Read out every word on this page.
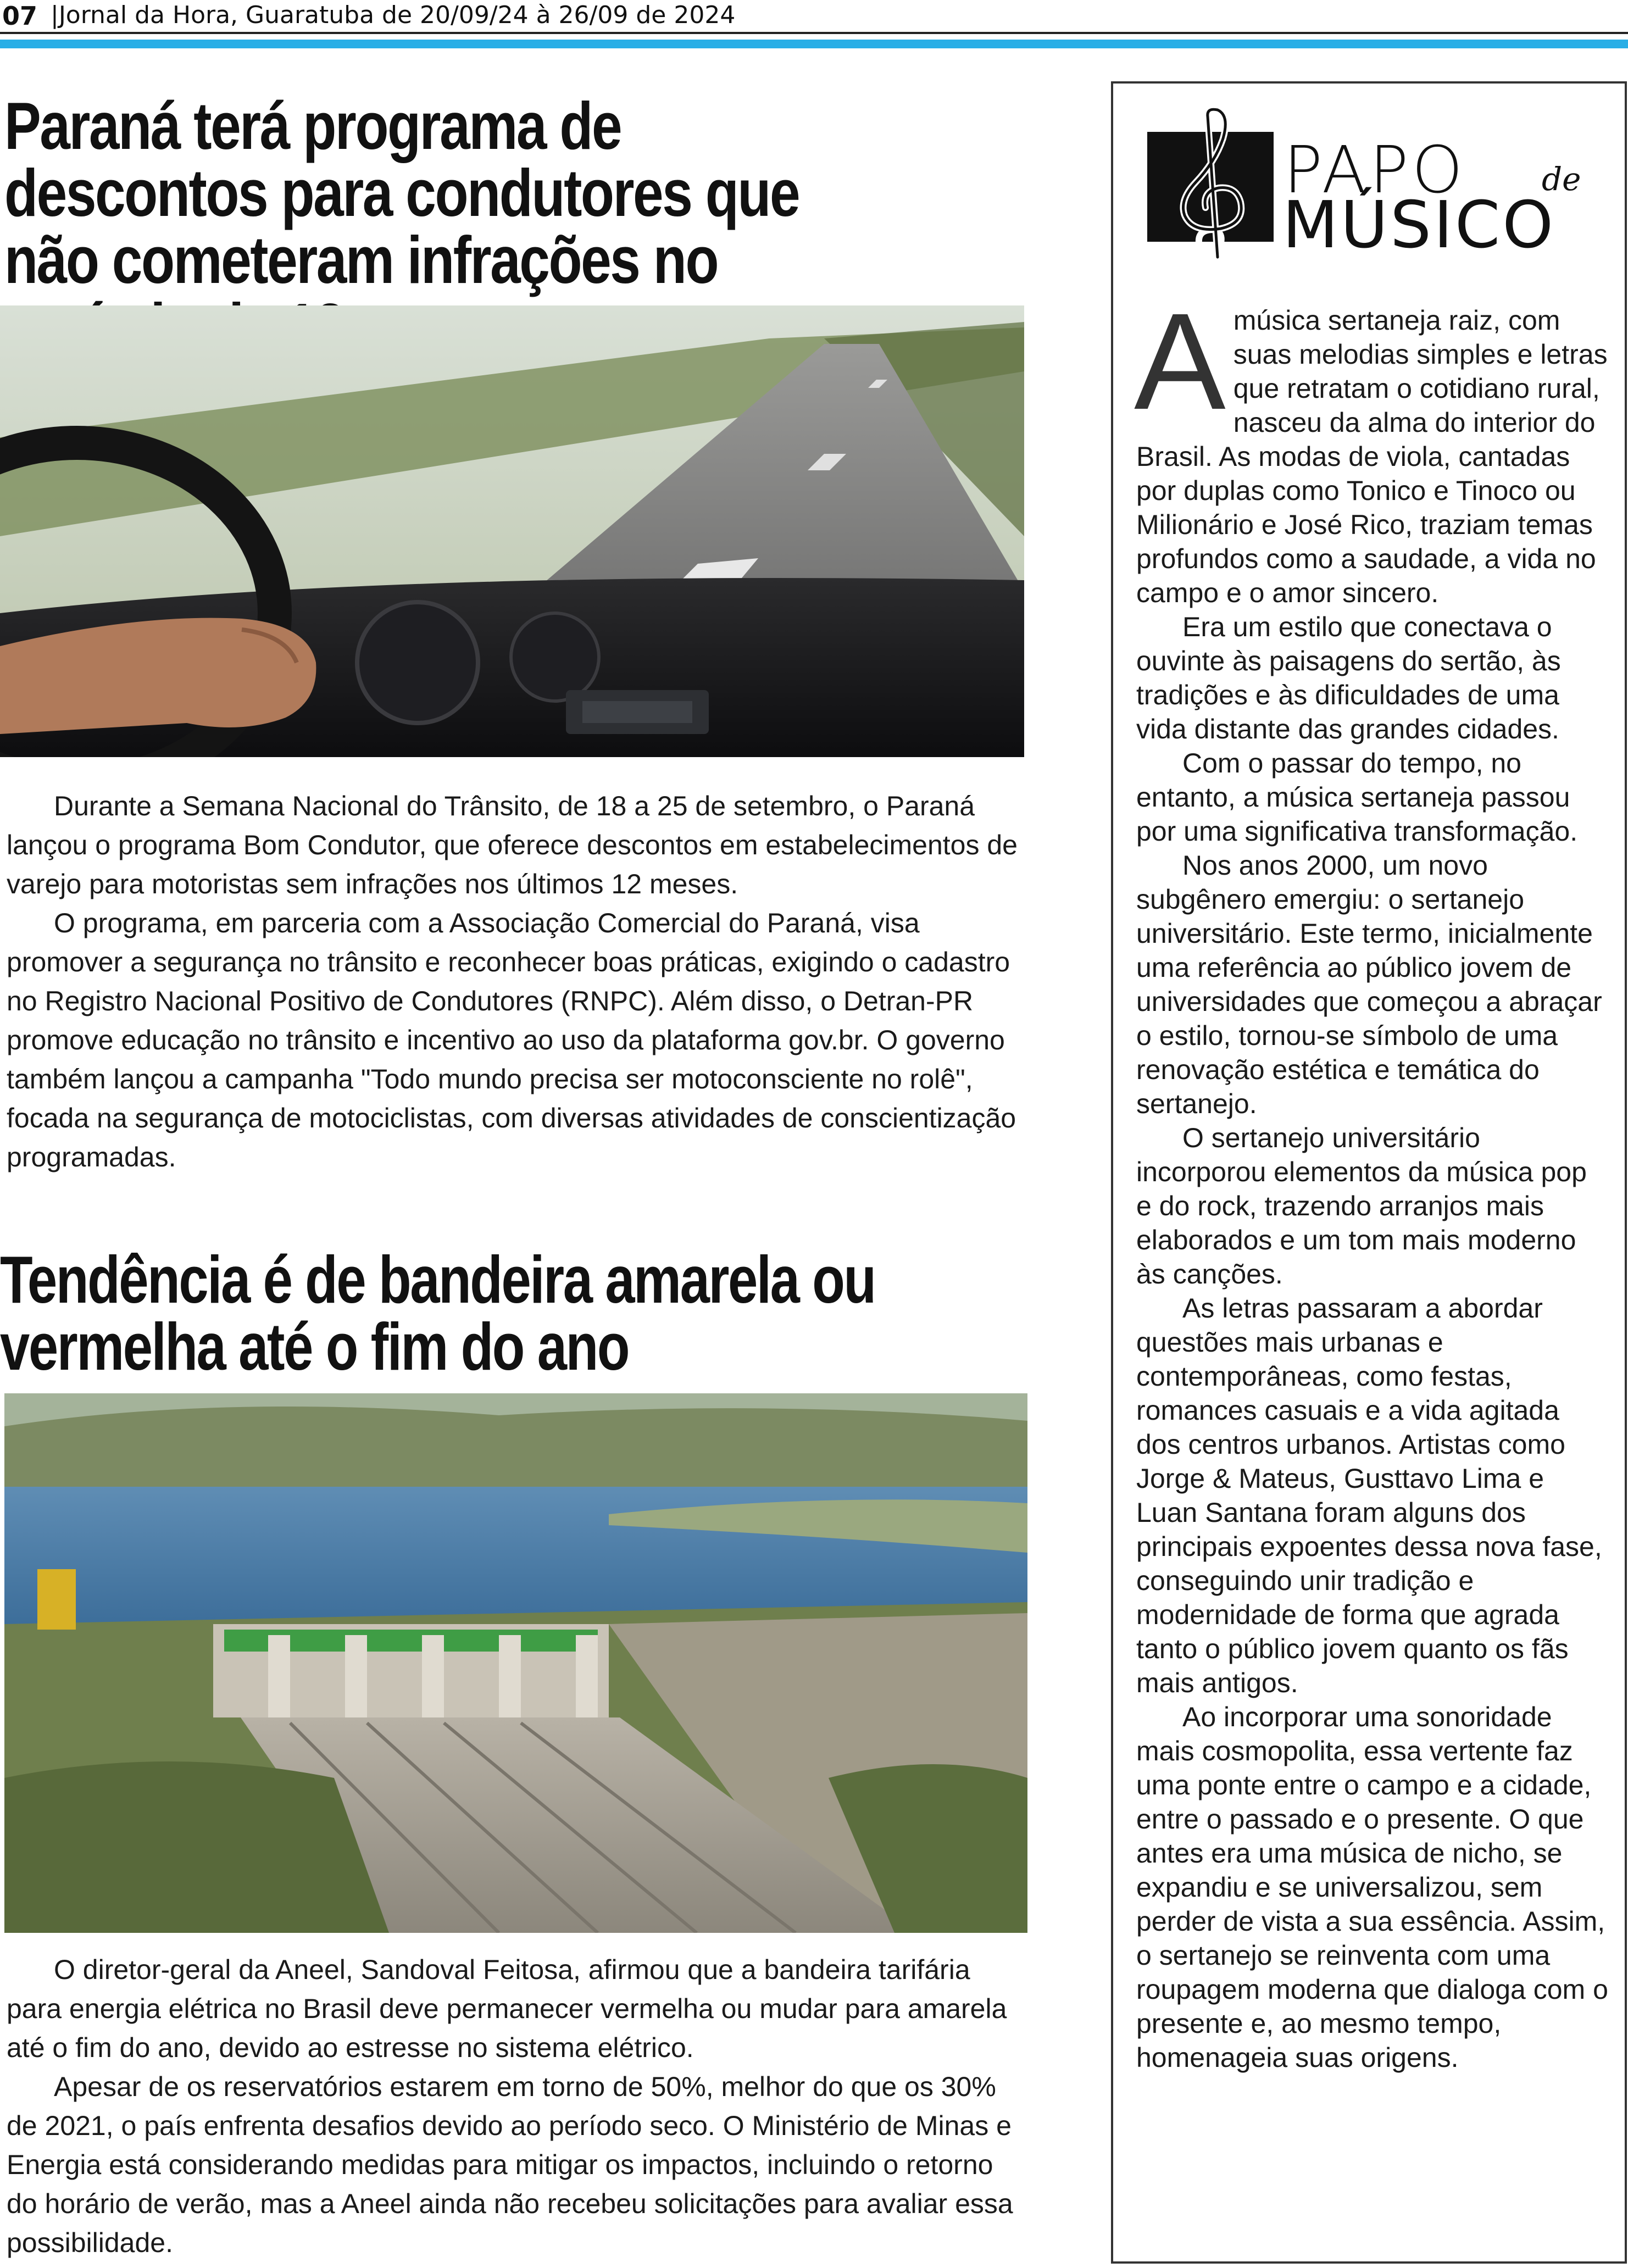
07 |Jornal da Hora, Guaratuba de 20/09/24 à 26/09 de 2024
Paraná terá programa de descontos para condutores que não cometeram infrações no

Durante a Semana Nacional do Trânsito, de 18 a 25 de setembro, o Paraná lançou o programa Bom Condutor, que oferece descontos em estabelecimentos de varejo para motoristas sem infrações nos últimos 12 meses.

O programa, em parceria com a Associação Comercial do Paraná, visa promover a segurança no trânsito e reconhecer boas práticas, exigindo o cadastro no Registro Nacional Positivo de Condutores (RNPC). Além disso, o Detran-PR promove educação no trânsito e incentivo ao uso da plataforma gov.br. O governo também lançou a campanha "Todo mundo precisa ser motoconsciente no rolê", focada na segurança de motociclistas, com diversas atividades de conscientização programadas.

Tendência é de bandeira amarela ou vermelha até o fim do ano

O diretor-geral da Aneel, Sandoval Feitosa, afirmou que a bandeira tarifária para energia elétrica no Brasil deve permanecer vermelha ou mudar para amarela até o fim do ano, devido ao estresse no sistema elétrico.

Apesar de os reservatórios estarem em torno de 50%, melhor do que os 30% de 2021, o país enfrenta desafios devido ao período seco. O Ministério de Minas e Energia está considerando medidas para mitigar os impactos, incluindo o retorno do horário de verão, mas a Aneel ainda não recebeu solicitações para avaliar essa possibilidade.

PAPO de
MÚSICO

Amúsica sertaneja raiz, com suas melodias simples e letras que retratam o cotidiano rural, nasceu da alma do interior do Brasil. As modas de viola, cantadas por duplas como Tonico e Tinoco ou Milionário e José Rico, traziam temas profundos como a saudade, a vida no campo e o amor sincero.

Era um estilo que conectava o ouvinte às paisagens do sertão, às tradições e às dificuldades de uma vida distante das grandes cidades.

Com o passar do tempo, no entanto, a música sertaneja passou por uma significativa transformação.

Nos anos 2000, um novo subgênero emergiu: o sertanejo universitário. Este termo, inicialmente uma referência ao público jovem de universidades que começou a abraçar o estilo, tornou-se símbolo de uma renovação estética e temática do sertanejo.

O sertanejo universitário incorporou elementos da música pop e do rock, trazendo arranjos mais elaborados e um tom mais moderno às canções.

As letras passaram a abordar questões mais urbanas e contemporâneas, como festas, romances casuais e a vida agitada dos centros urbanos. Artistas como Jorge & Mateus, Gusttavo Lima e Luan Santana foram alguns dos principais expoentes dessa nova fase, conseguindo unir tradição e modernidade de forma que agrada tanto o público jovem quanto os fãs mais antigos.

Ao incorporar uma sonoridade mais cosmopolita, essa vertente faz uma ponte entre o campo e a cidade, entre o passado e o presente. O que antes era uma música de nicho, se expandiu e se universalizou, sem perder de vista a sua essência. Assim, o sertanejo se reinventa com uma roupagem moderna que dialoga com o presente e, ao mesmo tempo, homenageia suas origens.
